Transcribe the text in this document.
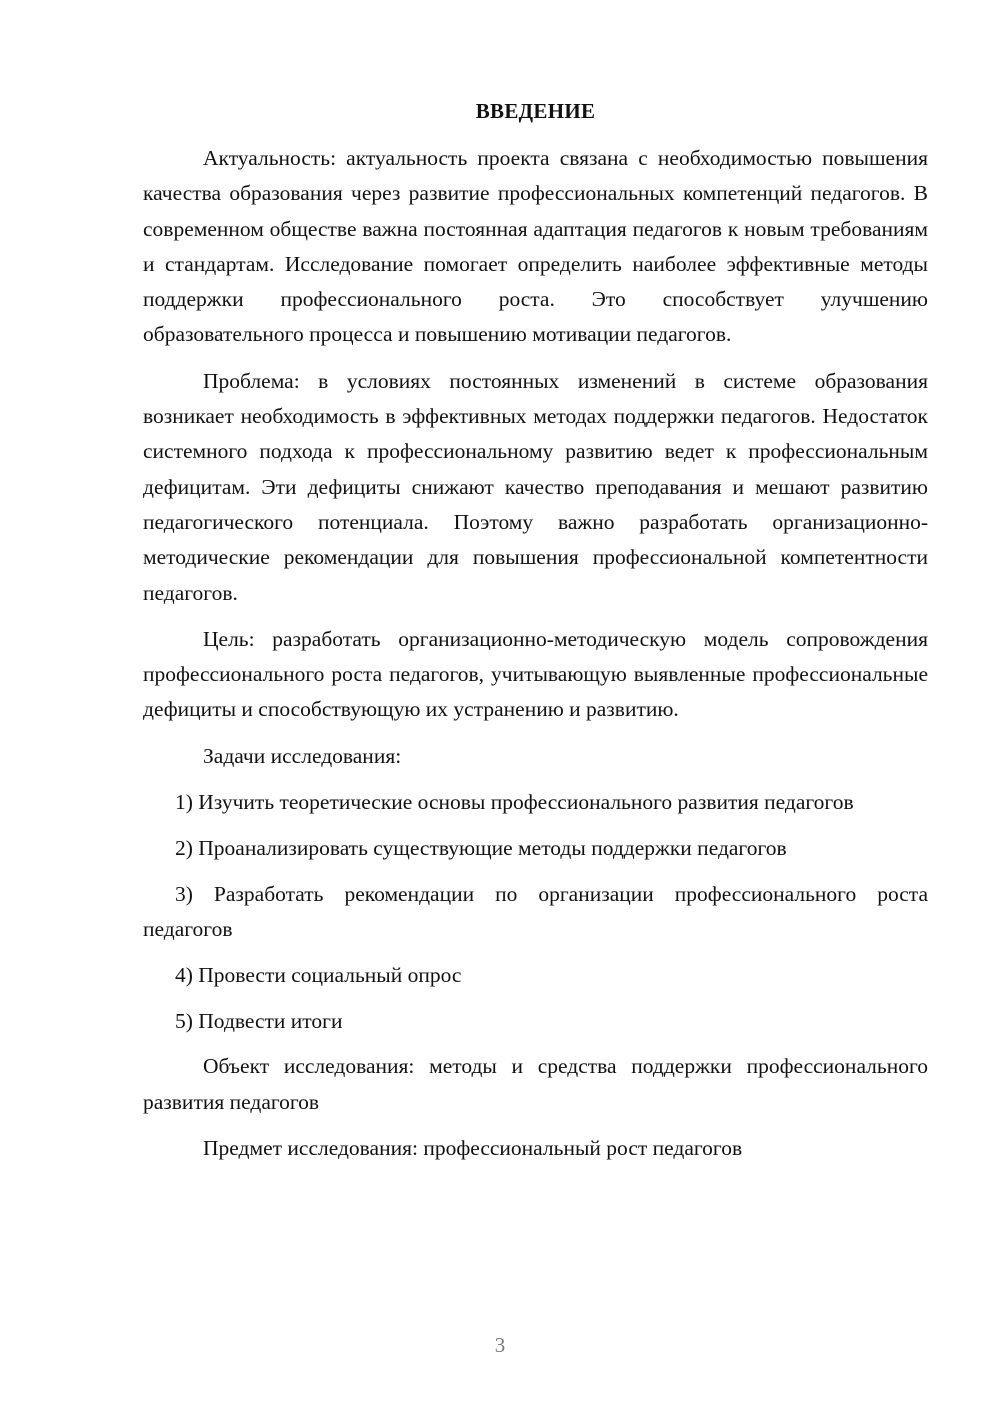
ВВЕДЕНИЕ

Актуальность: актуальность проекта связана с необходимостью повышения качества образования через развитие профессиональных компетенций педагогов. В современном обществе важна постоянная адаптация педагогов к новым требованиям и стандартам. Исследование помогает определить наиболее эффективные методы поддержки профессионального роста. Это способствует улучшению образовательного процесса и повышению мотивации педагогов.

Проблема: в условиях постоянных изменений в системе образования возникает необходимость в эффективных методах поддержки педагогов. Недостаток системного подхода к профессиональному развитию ведет к профессиональным дефицитам. Эти дефициты снижают качество преподавания и мешают развитию педагогического потенциала. Поэтому важно разработать организационно-методические рекомендации для повышения профессиональной компетентности педагогов.

Цель: разработать организационно-методическую модель сопровождения профессионального роста педагогов, учитывающую выявленные профессиональные дефициты и способствующую их устранению и развитию.

Задачи исследования:

1) Изучить теоретические основы профессионального развития педагогов

2) Проанализировать существующие методы поддержки педагогов

3) Разработать рекомендации по организации профессионального роста педагогов

4) Провести социальный опрос

5) Подвести итоги

Объект исследования: методы и средства поддержки профессионального развития педагогов

Предмет исследования: профессиональный рост педагогов

3
